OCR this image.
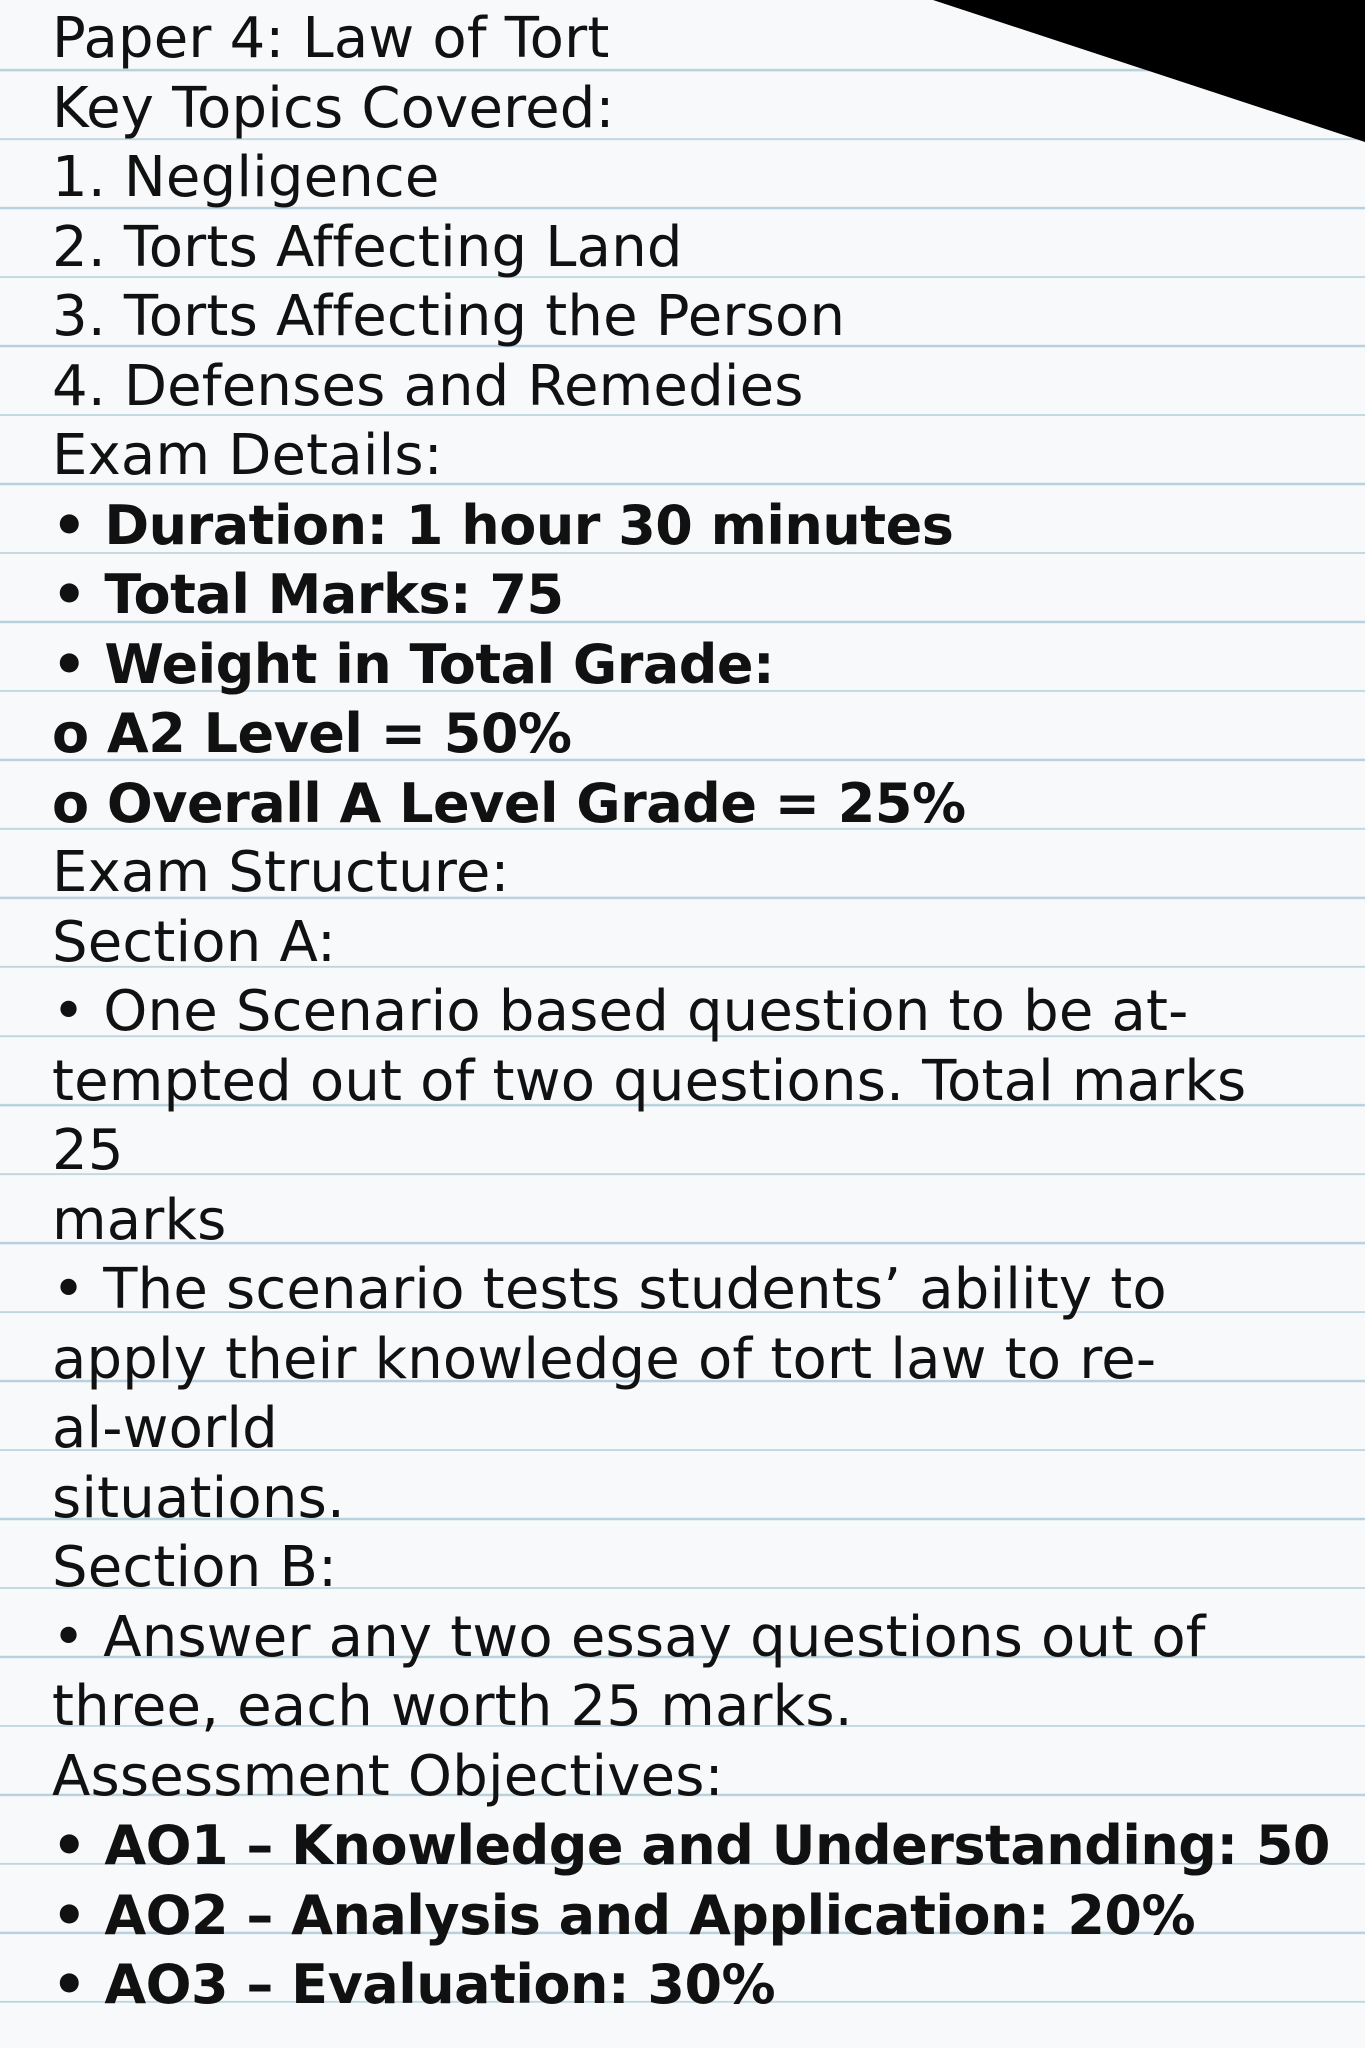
Paper 4: Law of Tort
Key Topics Covered:
1. Negligence
2. Torts Affecting Land
3. Torts Affecting the Person
4. Defenses and Remedies
Exam Details:
• Duration: 1 hour 30 minutes
• Total Marks: 75
• Weight in Total Grade:
o A2 Level = 50%
o Overall A Level Grade = 25%
Exam Structure:
Section A:
• One Scenario based question to be at-
tempted out of two questions. Total marks
25
marks
• The scenario tests students’ ability to
apply their knowledge of tort law to re-
al-world
situations.
Section B:
• Answer any two essay questions out of
three, each worth 25 marks.
Assessment Objectives:
• AO1 – Knowledge and Understanding: 50
• AO2 – Analysis and Application: 20%
• AO3 – Evaluation: 30%
